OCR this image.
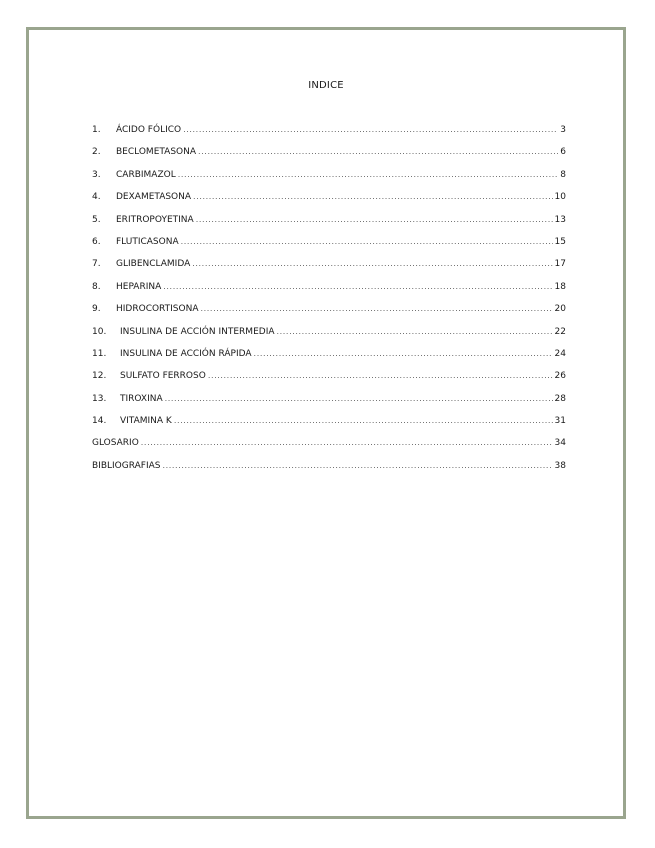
INDICE
1.	ÁCIDO FÓLICO .....	3
2.	BECLOMETASONA .....	6
3.	CARBIMAZOL .....	8
4.	DEXAMETASONA .....	10
5.	ERITROPOYETINA .....	13
6.	FLUTICASONA .....	15
7.	GLIBENCLAMIDA .....	17
8.	HEPARINA .....	18
9.	HIDROCORTISONA .....	20
10.	INSULINA DE ACCIÓN INTERMEDIA .....	22
11.	INSULINA DE ACCIÓN RÁPIDA .....	24
12.	SULFATO FERROSO .....	26
13.	TIROXINA .....	28
14.	VITAMINA K .....	31
GLOSARIO .....	34
BIBLIOGRAFIAS .....	38
